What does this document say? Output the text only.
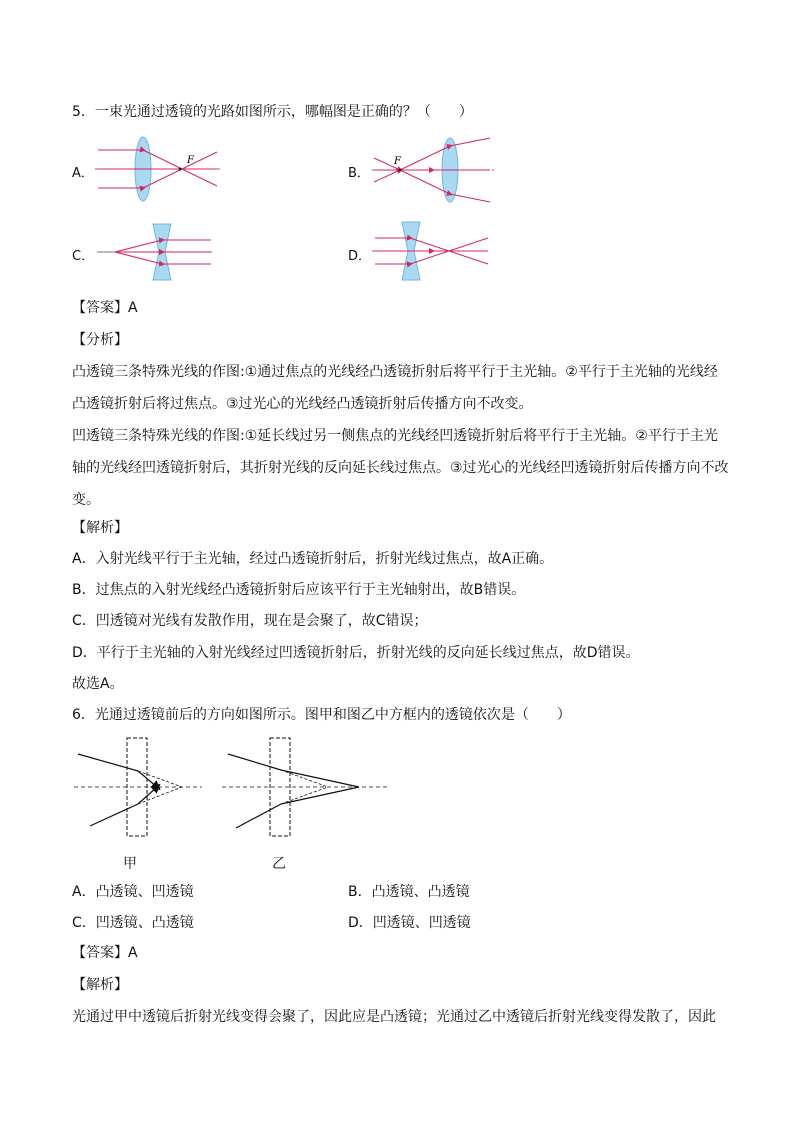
5．一束光通过透镜的光路如图所示，哪幅图是正确的？（　　）
A．	B．
C．	D．
F	F
【答案】A
【分析】
凸透镜三条特殊光线的作图:①通过焦点的光线经凸透镜折射后将平行于主光轴。②平行于主光轴的光线经
凸透镜折射后将过焦点。③过光心的光线经凸透镜折射后传播方向不改变。
凹透镜三条特殊光线的作图:①延长线过另一侧焦点的光线经凹透镜折射后将平行于主光轴。②平行于主光
轴的光线经凹透镜折射后，其折射光线的反向延长线过焦点。③过光心的光线经凹透镜折射后传播方向不改
变。
【解析】
A．入射光线平行于主光轴，经过凸透镜折射后，折射光线过焦点，故A正确。
B．过焦点的入射光线经凸透镜折射后应该平行于主光轴射出，故B错误。
C．凹透镜对光线有发散作用，现在是会聚了，故C错误；
D．平行于主光轴的入射光线经过凹透镜折射后，折射光线的反向延长线过焦点，故D错误。
故选A。
6．光通过透镜前后的方向如图所示。图甲和图乙中方框内的透镜依次是（　　）
甲	乙
A．凸透镜、凹透镜	B．凸透镜、凸透镜
C．凹透镜、凸透镜	D．凹透镜、凹透镜
【答案】A
【解析】
光通过甲中透镜后折射光线变得会聚了，因此应是凸透镜；光通过乙中透镜后折射光线变得发散了，因此
